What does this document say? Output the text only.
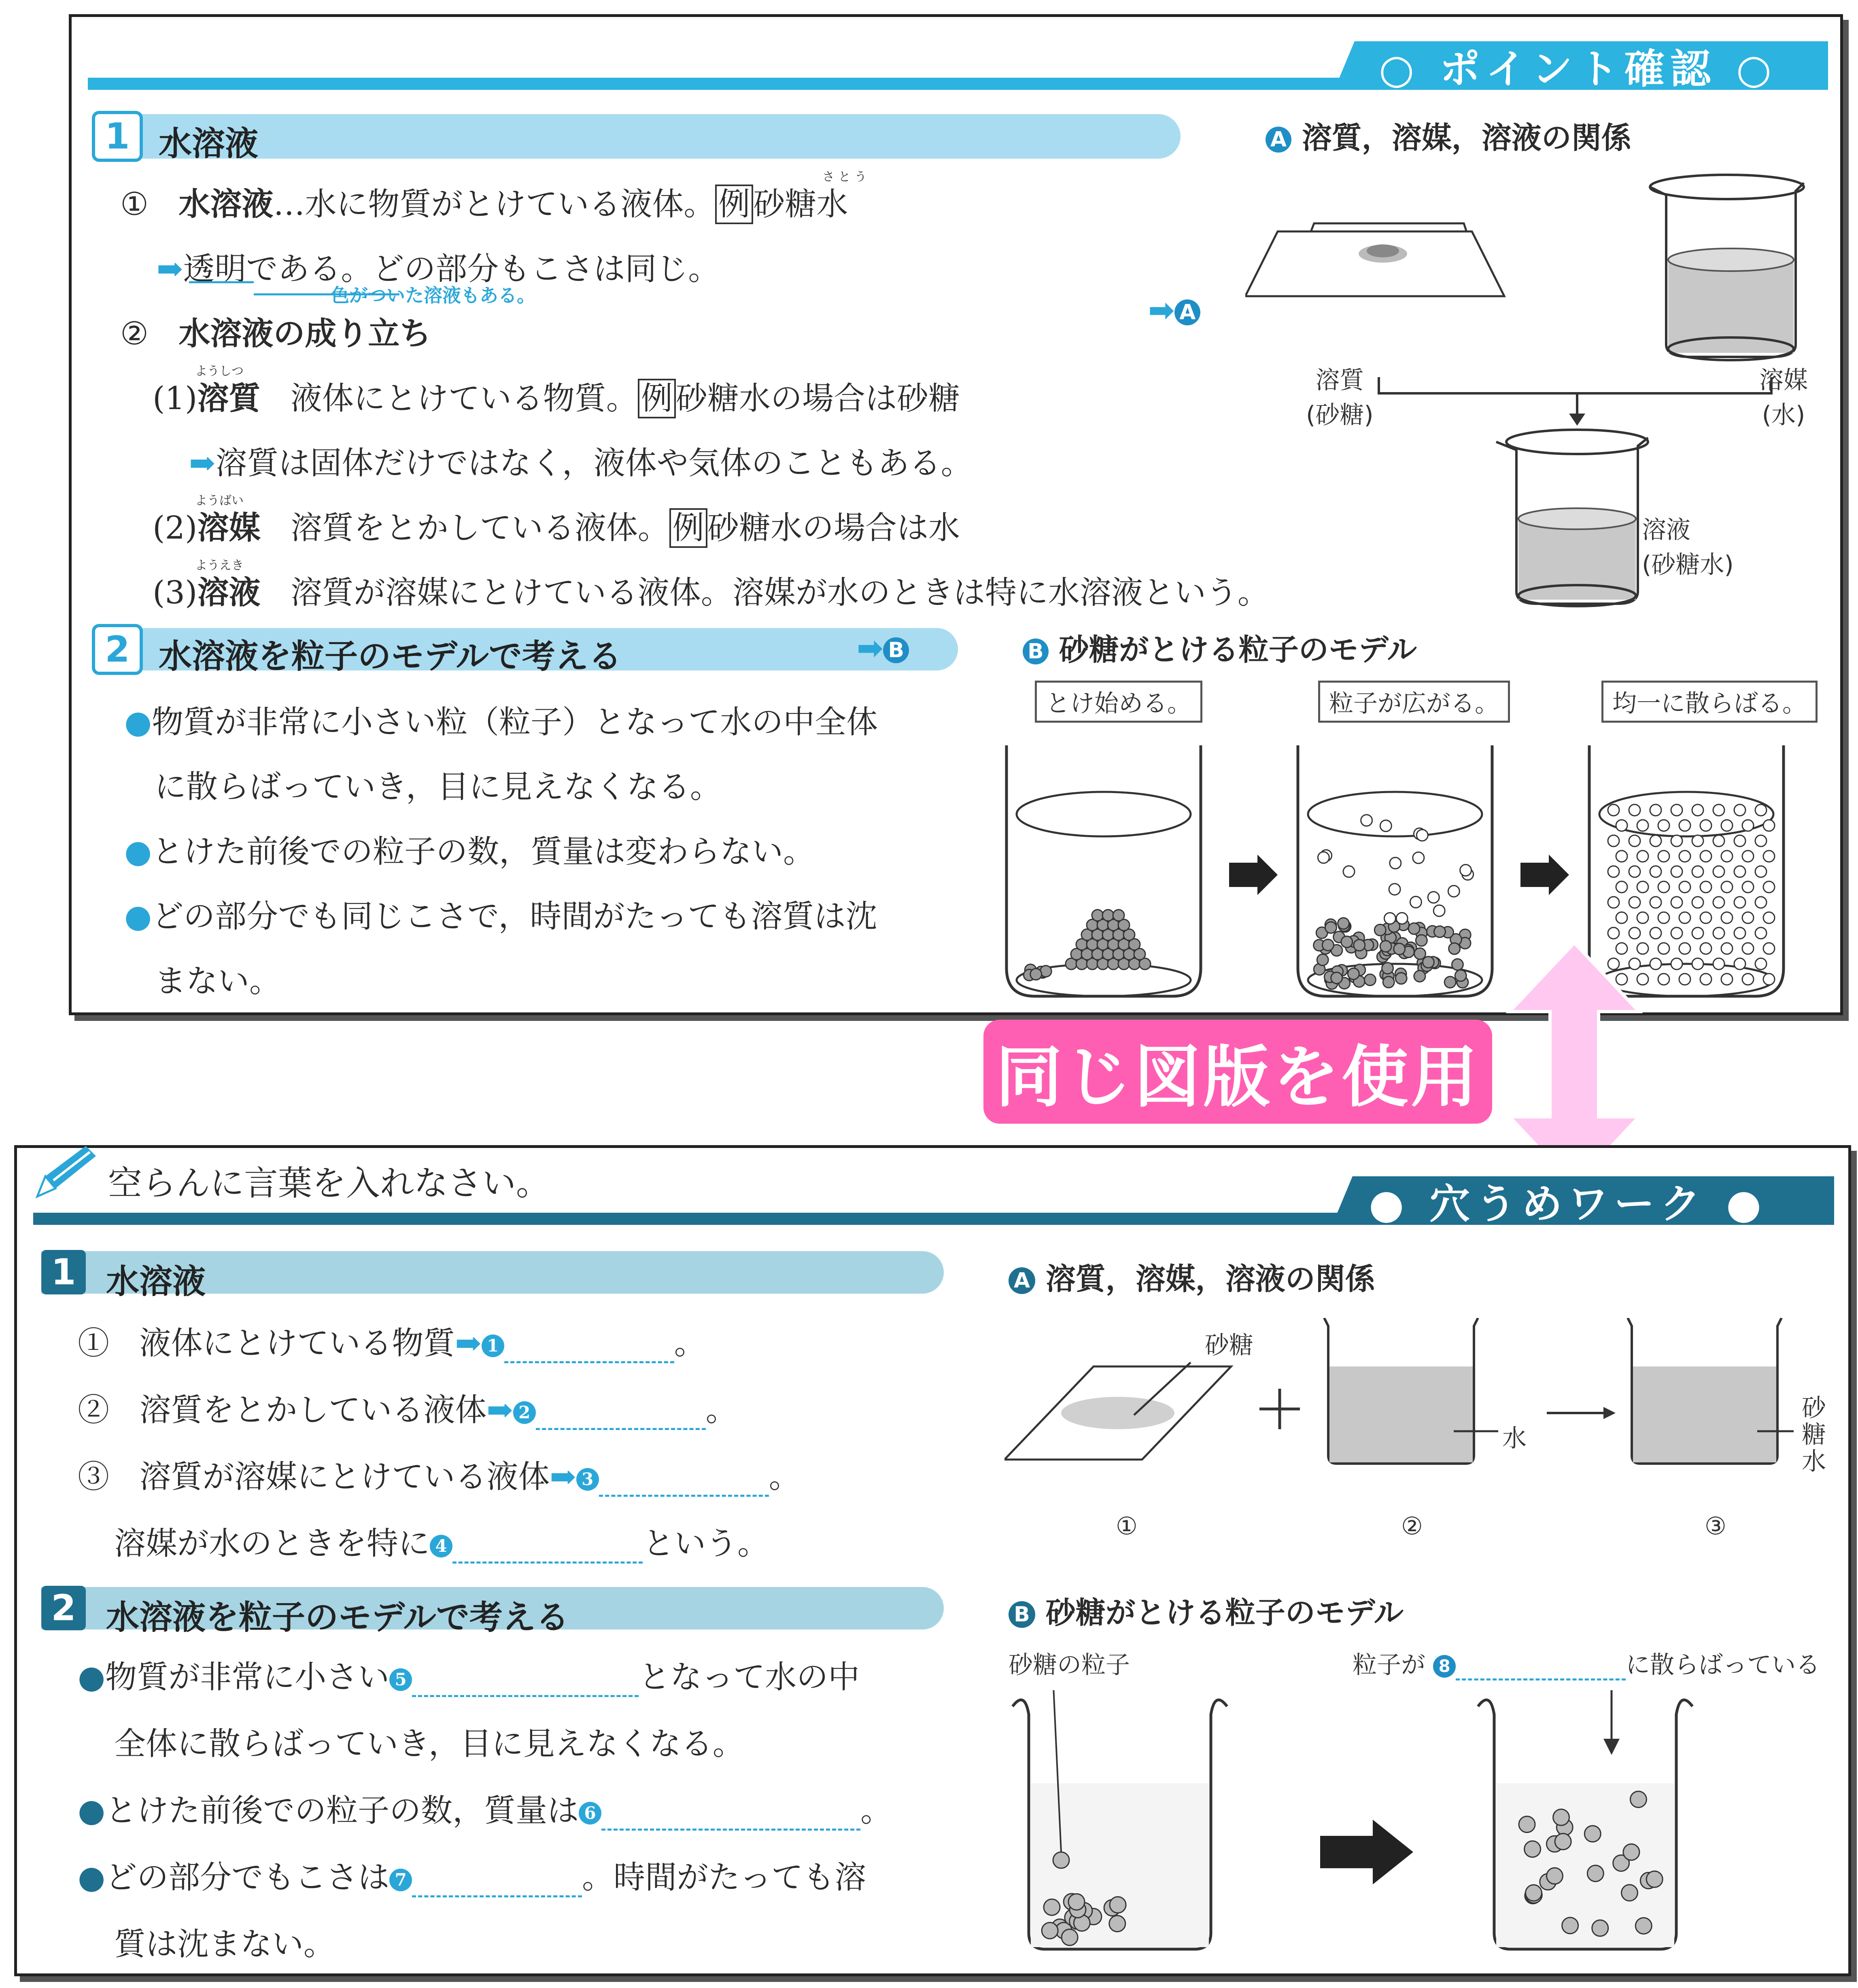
○ ポイント確認 ○
1 水溶液
さ と う
① 水溶液…水に物質がとけている液体。 例 砂糖水
➡透明である。どの部分もこさは同じ。
色がついた溶液もある。
② 水溶液の成り立ち
➡ A
ようしつ
(1)溶質 液体にとけている物質。 例 砂糖水の場合は砂糖
➡溶質は固体だけではなく，液体や気体のこともある。
ようばい
(2)溶媒 溶質をとかしている液体。 例 砂糖水の場合は水
ようえき
(3)溶液 溶質が溶媒にとけている液体。溶媒が水のときは特に水溶液という。
A 溶質，溶媒，溶液の関係
溶質
(砂糖)
溶媒
(水)
溶液
(砂糖水)
2 水溶液を粒子のモデルで考える	➡ B
●物質が非常に小さい粒（粒子）となって水の中全体
に散らばっていき，目に見えなくなる。
●とけた前後での粒子の数，質量は変わらない。
●どの部分でも同じこさで，時間がたっても溶質は沈
まない。
B 砂糖がとける粒子のモデル
とけ始める。	粒子が広がる。	均一に散らばる。
同じ図版を使用
空らんに言葉を入れなさい。	● 穴うめワーク ●
1 水溶液
① 液体にとけている物質➡ 1	。
② 溶質をとかしている液体➡ 2	。
③ 溶質が溶媒にとけている液体➡ 3	。
溶媒が水のときを特に 4	という。
A 溶質，溶媒，溶液の関係
砂糖
水
砂糖水
①	②	③
2 水溶液を粒子のモデルで考える
●物質が非常に小さい 5	となって水の中
全体に散らばっていき，目に見えなくなる。
●とけた前後での粒子の数，質量は 6	。
●どの部分でもこさは 7	。時間がたっても溶
質は沈まない。
B 砂糖がとける粒子のモデル
砂糖の粒子	粒子が 8	に散らばっている
